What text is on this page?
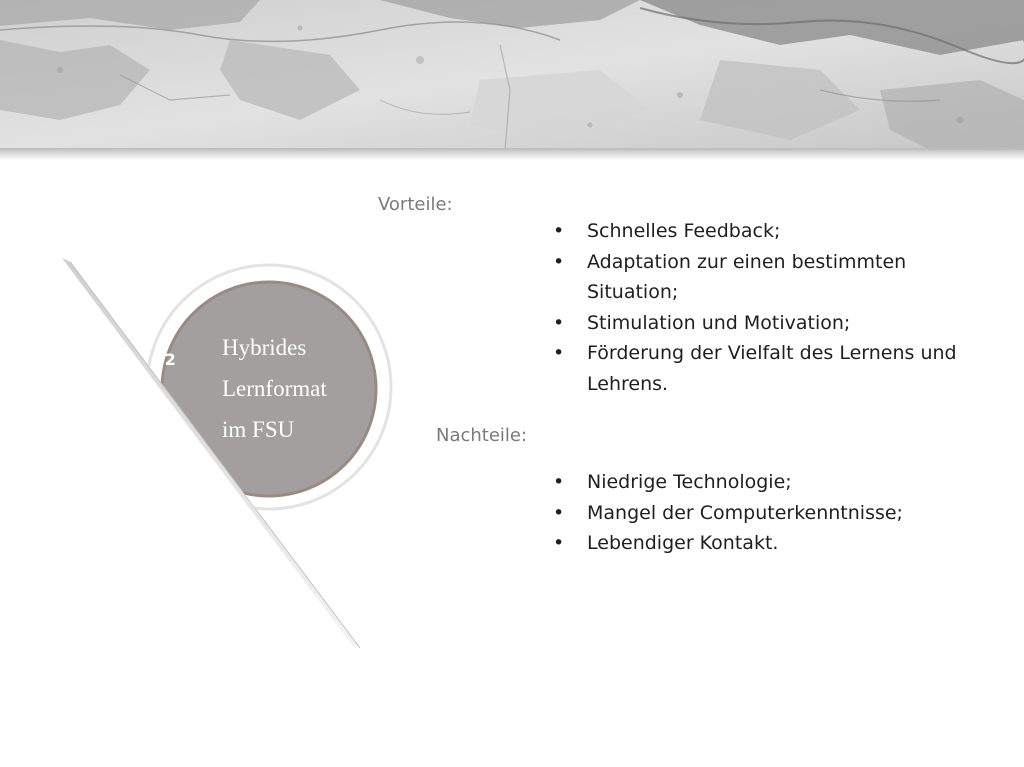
02 Hybrides
Lernformat
im FSU
Vorteile:
• Schnelles Feedback;
• Adaptation zur einen bestimmten Situation;
• Stimulation und Motivation;
• Förderung der Vielfalt des Lernens und Lehrens.
Nachteile:
• Niedrige Technologie;
• Mangel der Computerkenntnisse;
• Lebendiger Kontakt.
